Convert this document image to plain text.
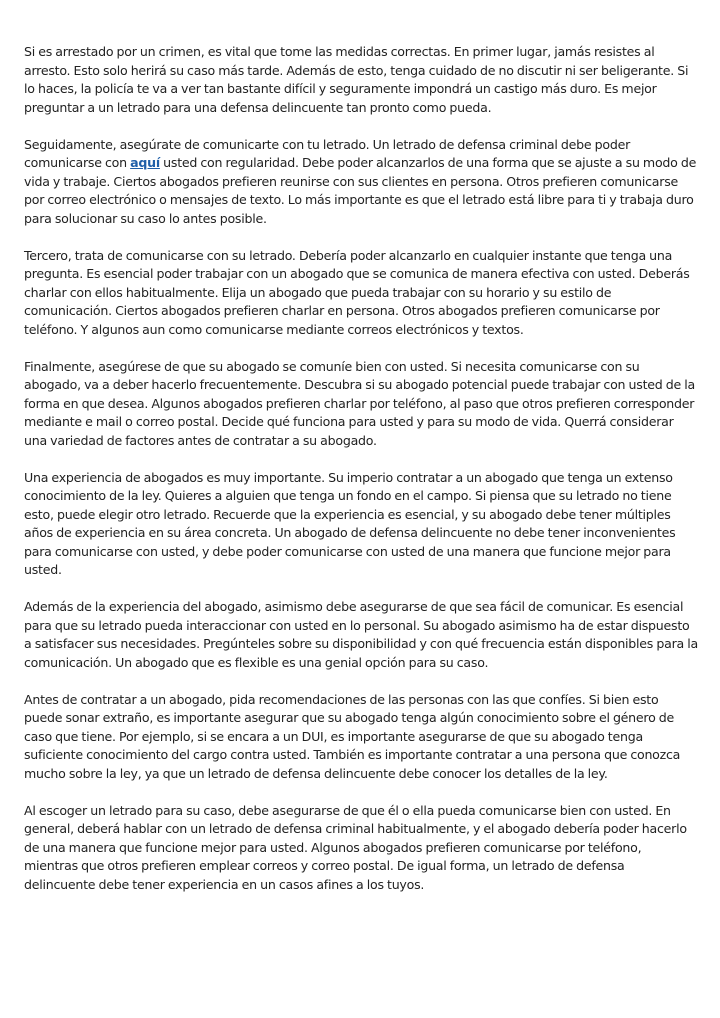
Si es arrestado por un crimen, es vital que tome las medidas correctas. En primer lugar, jamás resistes al arresto. Esto solo herirá su caso más tarde. Además de esto, tenga cuidado de no discutir ni ser beligerante. Si lo haces, la policía te va a ver tan bastante difícil y seguramente impondrá un castigo más duro. Es mejor preguntar a un letrado para una defensa delincuente tan pronto como pueda.

Seguidamente, asegúrate de comunicarte con tu letrado. Un letrado de defensa criminal debe poder comunicarse con aquí usted con regularidad. Debe poder alcanzarlos de una forma que se ajuste a su modo de vida y trabaje. Ciertos abogados prefieren reunirse con sus clientes en persona. Otros prefieren comunicarse por correo electrónico o mensajes de texto. Lo más importante es que el letrado está libre para ti y trabaja duro para solucionar su caso lo antes posible.

Tercero, trata de comunicarse con su letrado. Debería poder alcanzarlo en cualquier instante que tenga una pregunta. Es esencial poder trabajar con un abogado que se comunica de manera efectiva con usted. Deberás charlar con ellos habitualmente. Elija un abogado que pueda trabajar con su horario y su estilo de comunicación. Ciertos abogados prefieren charlar en persona. Otros abogados prefieren comunicarse por teléfono. Y algunos aun como comunicarse mediante correos electrónicos y textos.

Finalmente, asegúrese de que su abogado se comuníe bien con usted. Si necesita comunicarse con su abogado, va a deber hacerlo frecuentemente. Descubra si su abogado potencial puede trabajar con usted de la forma en que desea. Algunos abogados prefieren charlar por teléfono, al paso que otros prefieren corresponder mediante e mail o correo postal. Decide qué funciona para usted y para su modo de vida. Querrá considerar una variedad de factores antes de contratar a su abogado.

Una experiencia de abogados es muy importante. Su imperio contratar a un abogado que tenga un extenso conocimiento de la ley. Quieres a alguien que tenga un fondo en el campo. Si piensa que su letrado no tiene esto, puede elegir otro letrado. Recuerde que la experiencia es esencial, y su abogado debe tener múltiples años de experiencia en su área concreta. Un abogado de defensa delincuente no debe tener inconvenientes para comunicarse con usted, y debe poder comunicarse con usted de una manera que funcione mejor para usted.

Además de la experiencia del abogado, asimismo debe asegurarse de que sea fácil de comunicar. Es esencial para que su letrado pueda interaccionar con usted en lo personal. Su abogado asimismo ha de estar dispuesto a satisfacer sus necesidades. Pregúnteles sobre su disponibilidad y con qué frecuencia están disponibles para la comunicación. Un abogado que es flexible es una genial opción para su caso.

Antes de contratar a un abogado, pida recomendaciones de las personas con las que confíes. Si bien esto puede sonar extraño, es importante asegurar que su abogado tenga algún conocimiento sobre el género de caso que tiene. Por ejemplo, si se encara a un DUI, es importante asegurarse de que su abogado tenga suficiente conocimiento del cargo contra usted. También es importante contratar a una persona que conozca mucho sobre la ley, ya que un letrado de defensa delincuente debe conocer los detalles de la ley.

Al escoger un letrado para su caso, debe asegurarse de que él o ella pueda comunicarse bien con usted. En general, deberá hablar con un letrado de defensa criminal habitualmente, y el abogado debería poder hacerlo de una manera que funcione mejor para usted. Algunos abogados prefieren comunicarse por teléfono, mientras que otros prefieren emplear correos y correo postal. De igual forma, un letrado de defensa delincuente debe tener experiencia en un casos afines a los tuyos.
